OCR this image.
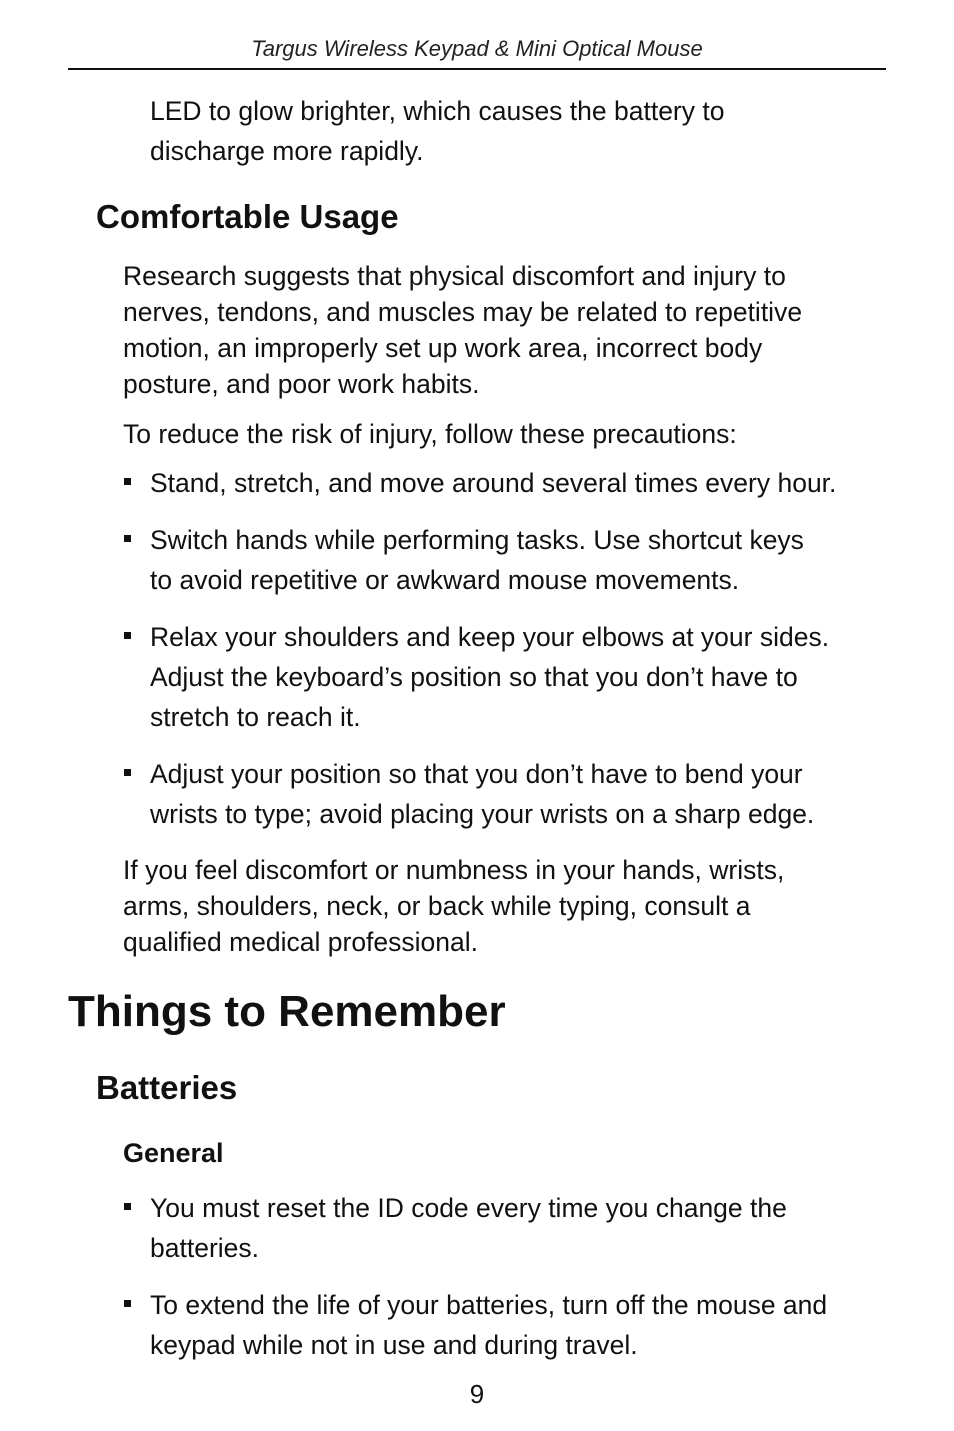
Targus Wireless Keypad & Mini Optical Mouse
LED to glow brighter, which causes the battery to
discharge more rapidly.
Comfortable Usage
Research suggests that physical discomfort and injury to
nerves, tendons, and muscles may be related to repetitive
motion, an improperly set up work area, incorrect body
posture, and poor work habits.
To reduce the risk of injury, follow these precautions:
Stand, stretch, and move around several times every hour.
Switch hands while performing tasks. Use shortcut keys
to avoid repetitive or awkward mouse movements.
Relax your shoulders and keep your elbows at your sides.
Adjust the keyboard’s position so that you don’t have to
stretch to reach it.
Adjust your position so that you don’t have to bend your
wrists to type; avoid placing your wrists on a sharp edge.
If you feel discomfort or numbness in your hands, wrists,
arms, shoulders, neck, or back while typing, consult a
qualified medical professional.
Things to Remember
Batteries
General
You must reset the ID code every time you change the
batteries.
To extend the life of your batteries, turn off the mouse and
keypad while not in use and during travel.
9
